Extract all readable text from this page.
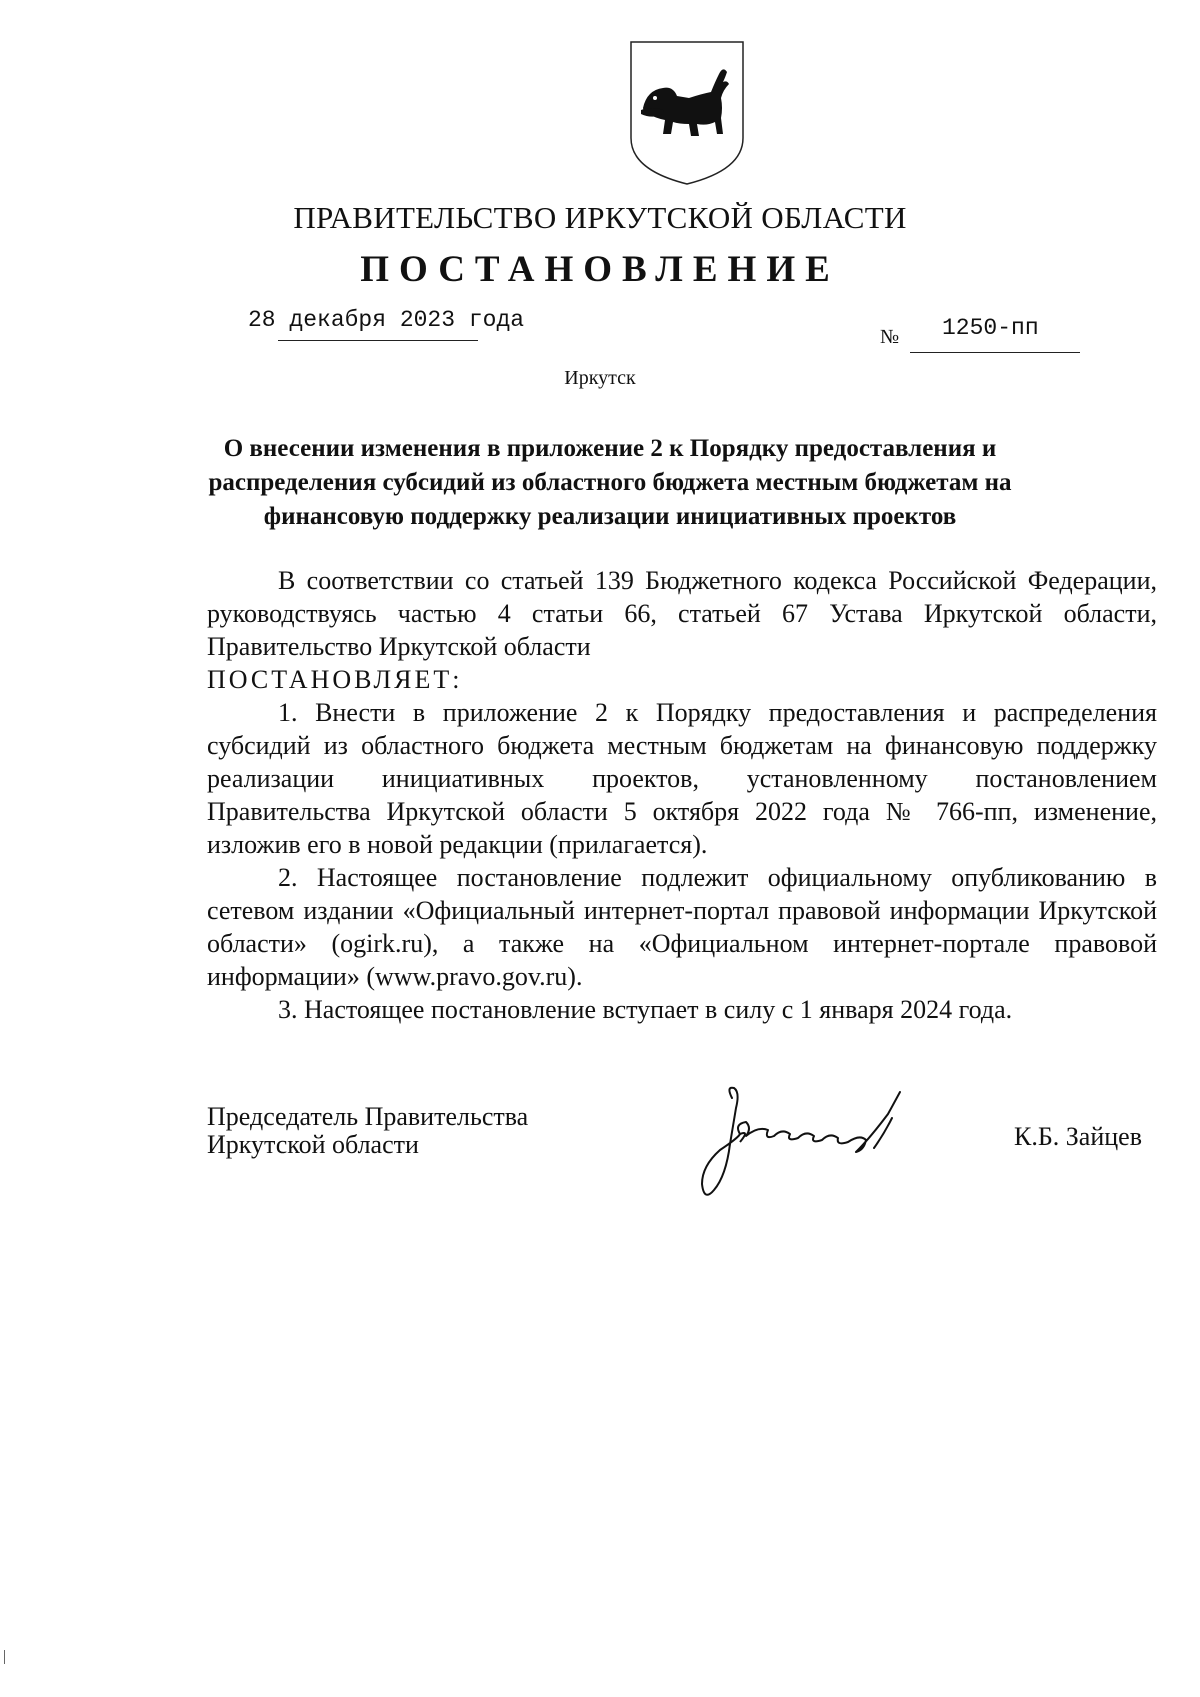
ПРАВИТЕЛЬСТВО ИРКУТСКОЙ ОБЛАСТИ
ПОСТАНОВЛЕНИЕ
28 декабря 2023 года
№ 1250-пп
Иркутск
О внесении изменения в приложение 2 к Порядку предоставления и распределения субсидий из областного бюджета местным бюджетам на финансовую поддержку реализации инициативных проектов

В соответствии со статьей 139 Бюджетного кодекса Российской Федерации, руководствуясь частью 4 статьи 66, статьей 67 Устава Иркутской области, Правительство Иркутской области

ПОСТАНОВЛЯЕТ:

1. Внести в приложение 2 к Порядку предоставления и распределения субсидий из областного бюджета местным бюджетам на финансовую поддержку реализации инициативных проектов, установленному постановлением Правительства Иркутской области 5 октября 2022 года № 766-пп, изменение, изложив его в новой редакции (прилагается).

2. Настоящее постановление подлежит официальному опубликованию в сетевом издании «Официальный интернет-портал правовой информации Иркутской области» (ogirk.ru), а также на «Официальном интернет-портале правовой информации» (www.pravo.gov.ru).

3. Настоящее постановление вступает в силу с 1 января 2024 года.

Председатель Правительства
Иркутской области	К.Б. Зайцев
